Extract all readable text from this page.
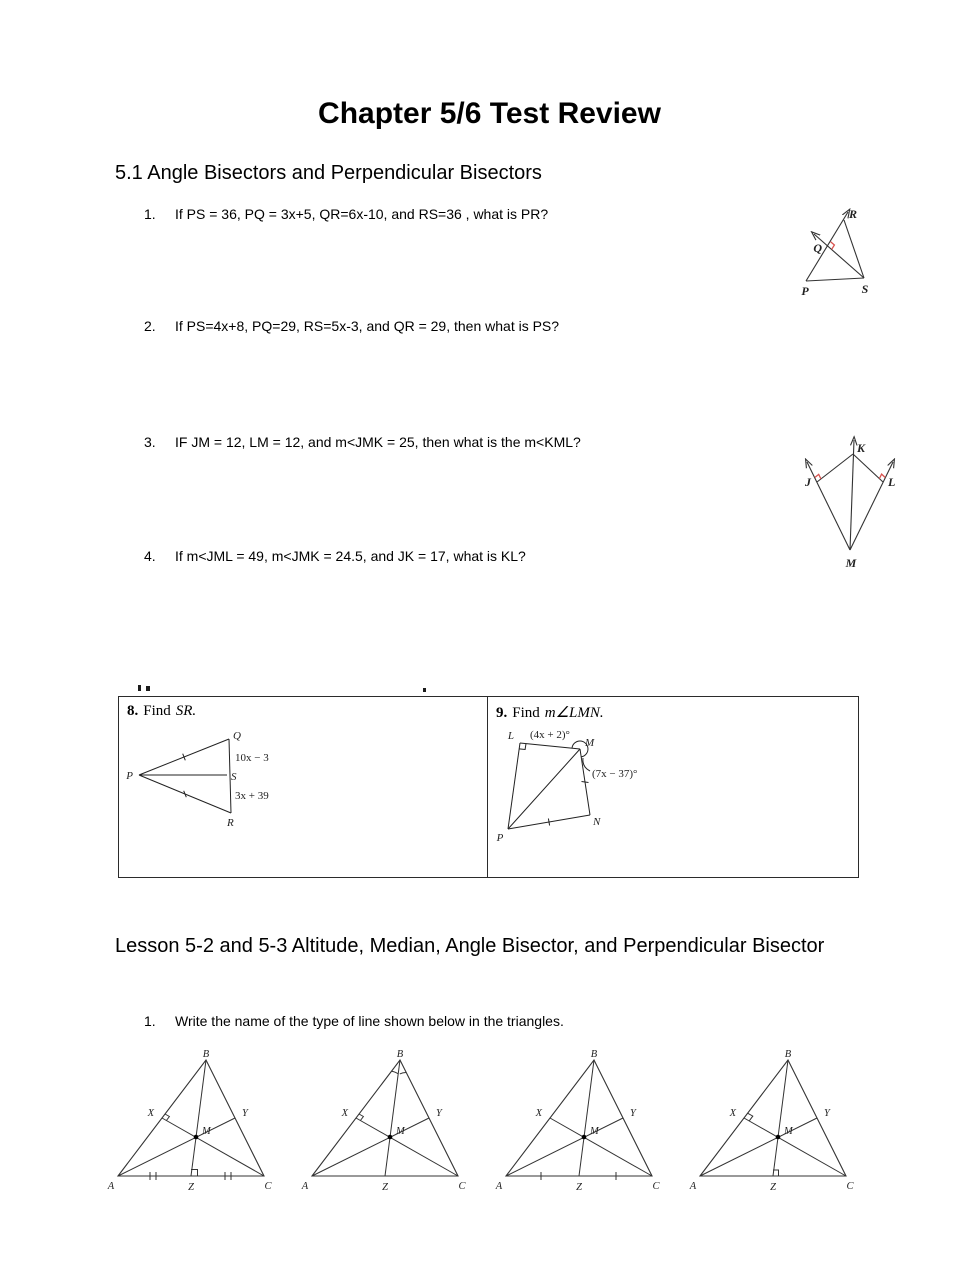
Chapter 5/6 Test Review
5.1 Angle Bisectors and Perpendicular Bisectors
1.	If PS = 36, PQ = 3x+5, QR=6x-10, and RS=36 , what is PR?
2.	If PS=4x+8, PQ=29, RS=5x-3, and QR = 29, then what is PS?
3.	IF JM = 12, LM = 12, and m<JMK = 25, then what is the m<KML?
4.	If m<JML = 49, m<JMK = 24.5, and JK = 17, what is KL?
R
Q
P	S
K
J	L
M
8. Find SR.
Q
10x − 3
S
3x + 39
R
P
9. Find m∠LMN.
L (4x + 2)°
M
(7x − 37)°
N
P
Lesson 5-2 and 5-3 Altitude, Median, Angle Bisector, and Perpendicular Bisector
1.	Write the name of the type of line shown below in the triangles.
B
A	C
X	Y
M
Z
B
A	C
X	Y
M
Z
B
A	C
X	Y
M
Z
B
A	C
X	Y
M
Z
